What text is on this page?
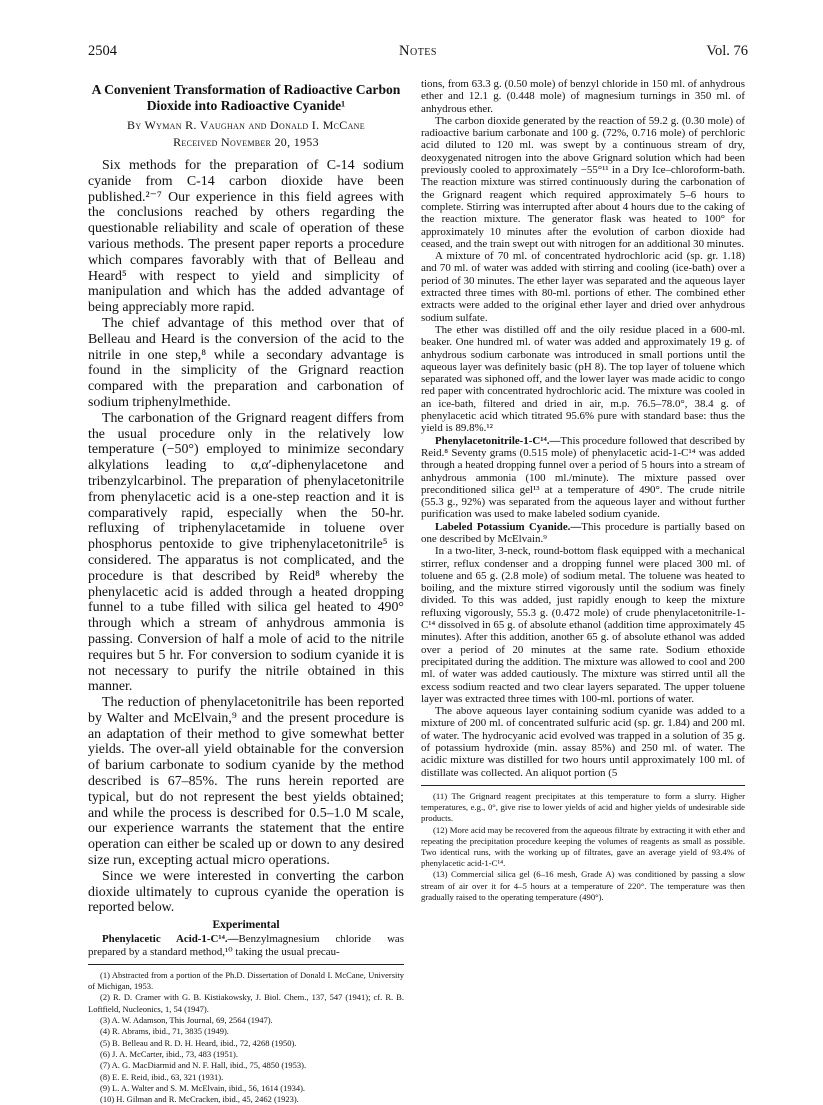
2504	Notes	Vol. 76
A Convenient Transformation of Radioactive Carbon Dioxide into Radioactive Cyanide¹
By Wyman R. Vaughan and Donald I. McCane
Received November 20, 1953

Six methods for the preparation of C-14 sodium cyanide from C-14 carbon dioxide have been published.²⁻⁷ Our experience in this field agrees with the conclusions reached by others regarding the questionable reliability and scale of operation of these various methods. The present paper reports a procedure which compares favorably with that of Belleau and Heard⁵ with respect to yield and simplicity of manipulation and which has the added advantage of being appreciably more rapid.

The chief advantage of this method over that of Belleau and Heard is the conversion of the acid to the nitrile in one step,⁸ while a secondary advantage is found in the simplicity of the Grignard reaction compared with the preparation and carbonation of sodium triphenylmethide.

The carbonation of the Grignard reagent differs from the usual procedure only in the relatively low temperature (−50°) employed to minimize secondary alkylations leading to α,α′-diphenylacetone and tribenzylcarbinol. The preparation of phenylacetonitrile from phenylacetic acid is a one-step reaction and it is comparatively rapid, especially when the 50-hr. refluxing of triphenylacetamide in toluene over phosphorus pentoxide to give triphenylacetonitrile⁵ is considered. The apparatus is not complicated, and the procedure is that described by Reid⁸ whereby the phenylacetic acid is added through a heated dropping funnel to a tube filled with silica gel heated to 490° through which a stream of anhydrous ammonia is passing. Conversion of half a mole of acid to the nitrile requires but 5 hr. For conversion to sodium cyanide it is not necessary to purify the nitrile obtained in this manner.

The reduction of phenylacetonitrile has been reported by Walter and McElvain,⁹ and the present procedure is an adaptation of their method to give somewhat better yields. The over-all yield obtainable for the conversion of barium carbonate to sodium cyanide by the method described is 67–85%. The runs herein reported are typical, but do not represent the best yields obtained; and while the process is described for 0.5–1.0 M scale, our experience warrants the statement that the entire operation can either be scaled up or down to any desired size run, excepting actual micro operations.

Since we were interested in converting the carbon dioxide ultimately to cuprous cyanide the operation is reported below.

Experimental

Phenylacetic Acid-1-C¹⁴.—Benzylmagnesium chloride was prepared by a standard method,¹⁰ taking the usual precau-

(1) Abstracted from a portion of the Ph.D. Dissertation of Donald I. McCane, University of Michigan, 1953.

(2) R. D. Cramer with G. B. Kistiakowsky, J. Biol. Chem., 137, 547 (1941); cf. R. B. Loftfield, Nucleonics, 1, 54 (1947).

(3) A. W. Adamson, This Journal, 69, 2564 (1947).

(4) R. Abrams, ibid., 71, 3835 (1949).

(5) B. Belleau and R. D. H. Heard, ibid., 72, 4268 (1950).

(6) J. A. McCarter, ibid., 73, 483 (1951).

(7) A. G. MacDiarmid and N. F. Hall, ibid., 75, 4850 (1953).

(8) E. E. Reid, ibid., 63, 321 (1931).

(9) L. A. Walter and S. M. McElvain, ibid., 56, 1614 (1934).

(10) H. Gilman and R. McCracken, ibid., 45, 2462 (1923).

tions, from 63.3 g. (0.50 mole) of benzyl chloride in 150 ml. of anhydrous ether and 12.1 g. (0.448 mole) of magnesium turnings in 350 ml. of anhydrous ether.

The carbon dioxide generated by the reaction of 59.2 g. (0.30 mole) of radioactive barium carbonate and 100 g. (72%, 0.716 mole) of perchloric acid diluted to 120 ml. was swept by a continuous stream of dry, deoxygenated nitrogen into the above Grignard solution which had been previously cooled to approximately −55°¹¹ in a Dry Ice–chloroform-bath. The reaction mixture was stirred continuously during the carbonation of the Grignard reagent which required approximately 5–6 hours to complete. Stirring was interrupted after about 4 hours due to the caking of the reaction mixture. The generator flask was heated to 100° for approximately 10 minutes after the evolution of carbon dioxide had ceased, and the train swept out with nitrogen for an additional 30 minutes.

A mixture of 70 ml. of concentrated hydrochloric acid (sp. gr. 1.18) and 70 ml. of water was added with stirring and cooling (ice-bath) over a period of 30 minutes. The ether layer was separated and the aqueous layer extracted three times with 80-ml. portions of ether. The combined ether extracts were added to the original ether layer and dried over anhydrous sodium sulfate.

The ether was distilled off and the oily residue placed in a 600-ml. beaker. One hundred ml. of water was added and approximately 19 g. of anhydrous sodium carbonate was introduced in small portions until the aqueous layer was definitely basic (pH 8). The top layer of toluene which separated was siphoned off, and the lower layer was made acidic to congo red paper with concentrated hydrochloric acid. The mixture was cooled in an ice-bath, filtered and dried in air, m.p. 76.5–78.0°, 38.4 g. of phenylacetic acid which titrated 95.6% pure with standard base: thus the yield is 89.8%.¹²

Phenylacetonitrile-1-C¹⁴.—This procedure followed that described by Reid.⁸ Seventy grams (0.515 mole) of phenylacetic acid-1-C¹⁴ was added through a heated dropping funnel over a period of 5 hours into a stream of anhydrous ammonia (100 ml./minute). The mixture passed over preconditioned silica gel¹³ at a temperature of 490°. The crude nitrile (55.3 g., 92%) was separated from the aqueous layer and without further purification was used to make labeled sodium cyanide.

Labeled Potassium Cyanide.—This procedure is partially based on one described by McElvain.⁹

In a two-liter, 3-neck, round-bottom flask equipped with a mechanical stirrer, reflux condenser and a dropping funnel were placed 300 ml. of toluene and 65 g. (2.8 mole) of sodium metal. The toluene was heated to boiling, and the mixture stirred vigorously until the sodium was finely divided. To this was added, just rapidly enough to keep the mixture refluxing vigorously, 55.3 g. (0.472 mole) of crude phenylacetonitrile-1-C¹⁴ dissolved in 65 g. of absolute ethanol (addition time approximately 45 minutes). After this addition, another 65 g. of absolute ethanol was added over a period of 20 minutes at the same rate. Sodium ethoxide precipitated during the addition. The mixture was allowed to cool and 200 ml. of water was added cautiously. The mixture was stirred until all the excess sodium reacted and two clear layers separated. The upper toluene layer was extracted three times with 100-ml. portions of water.

The above aqueous layer containing sodium cyanide was added to a mixture of 200 ml. of concentrated sulfuric acid (sp. gr. 1.84) and 200 ml. of water. The hydrocyanic acid evolved was trapped in a solution of 35 g. of potassium hydroxide (min. assay 85%) and 250 ml. of water. The acidic mixture was distilled for two hours until approximately 100 ml. of distillate was collected. An aliquot portion (5

(11) The Grignard reagent precipitates at this temperature to form a slurry. Higher temperatures, e.g., 0°, give rise to lower yields of acid and higher yields of undesirable side products.

(12) More acid may be recovered from the aqueous filtrate by extracting it with ether and repeating the precipitation procedure keeping the volumes of reagents as small as possible. Two identical runs, with the working up of filtrates, gave an average yield of 93.4% of phenylacetic acid-1-C¹⁴.

(13) Commercial silica gel (6–16 mesh, Grade A) was conditioned by passing a slow stream of air over it for 4–5 hours at a temperature of 220°. The temperature was then gradually raised to the operating temperature (490°).
